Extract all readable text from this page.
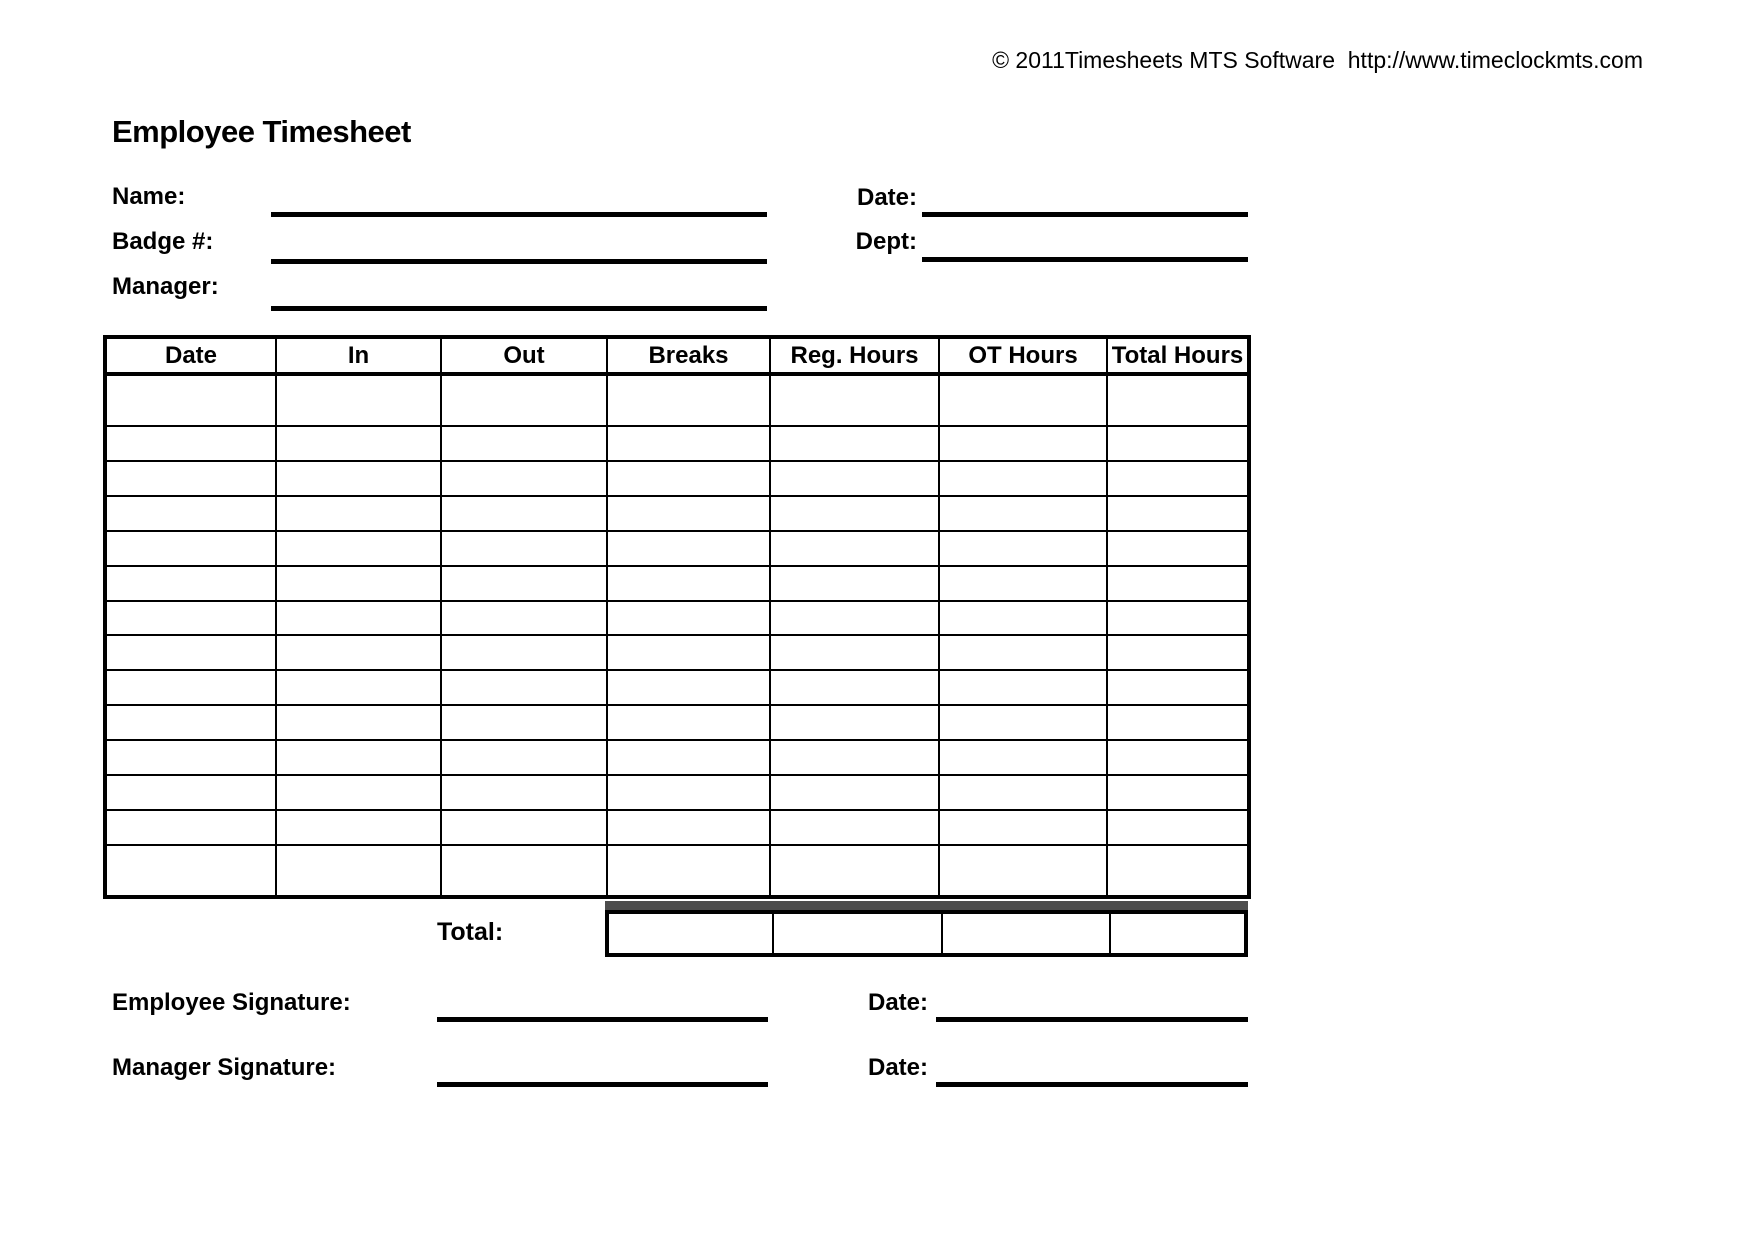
© 2011Timesheets MTS Software  http://www.timeclockmts.com
Employee Timesheet
Name:
Badge #:
Manager:
Date:
Dept:
Date	In	Out	Breaks	Reg. Hours	OT Hours	Total Hours

Total:
Employee Signature:	Date:
Manager Signature:	Date:
